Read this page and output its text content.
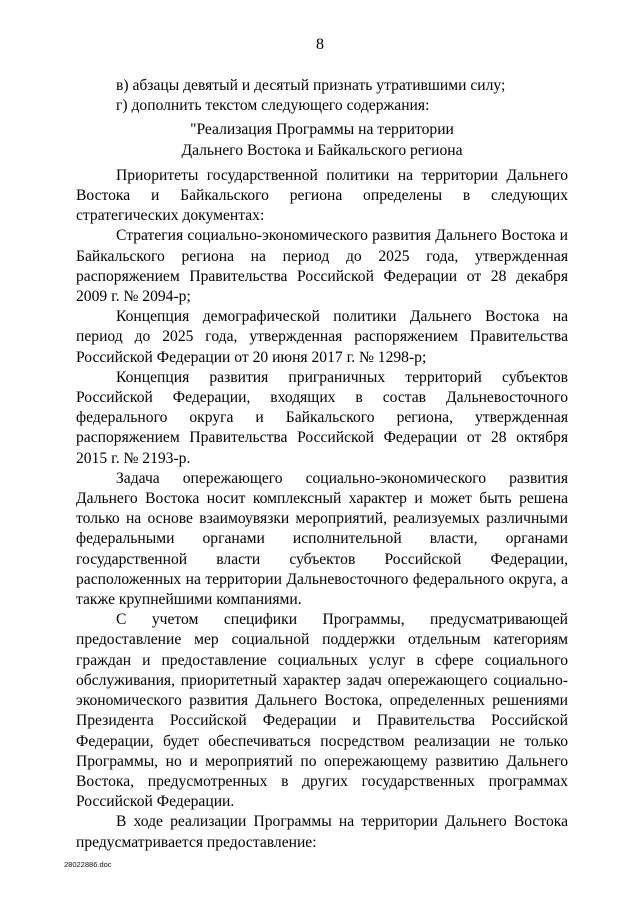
8

в) абзацы девятый и десятый признать утратившими силу;

г) дополнить текстом следующего содержания:

"Реализация Программы на территории
Дальнего Востока и Байкальского региона

Приоритеты государственной политики на территории Дальнего Востока и Байкальского региона определены в следующих стратегических документах:

Стратегия социально-экономического развития Дальнего Востока и Байкальского региона на период до 2025 года, утвержденная распоряжением Правительства Российской Федерации от 28 декабря 2009 г. № 2094-р;

Концепция демографической политики Дальнего Востока на период до 2025 года, утвержденная распоряжением Правительства Российской Федерации от 20 июня 2017 г. № 1298-р;

Концепция развития приграничных территорий субъектов Российской Федерации, входящих в состав Дальневосточного федерального округа и Байкальского региона, утвержденная распоряжением Правительства Российской Федерации от 28 октября 2015 г. № 2193-р.

Задача опережающего социально-экономического развития Дальнего Востока носит комплексный характер и может быть решена только на основе взаимоувязки мероприятий, реализуемых различными федеральными органами исполнительной власти, органами государственной власти субъектов Российской Федерации, расположенных на территории Дальневосточного федерального округа, а также крупнейшими компаниями.

С учетом специфики Программы, предусматривающей предоставление мер социальной поддержки отдельным категориям граждан и предоставление социальных услуг в сфере социального обслуживания, приоритетный характер задач опережающего социально-экономического развития Дальнего Востока, определенных решениями Президента Российской Федерации и Правительства Российской Федерации, будет обеспечиваться посредством реализации не только Программы, но и мероприятий по опережающему развитию Дальнего Востока, предусмотренных в других государственных программах Российской Федерации.

В ходе реализации Программы на территории Дальнего Востока предусматривается предоставление:

28022886.doc
